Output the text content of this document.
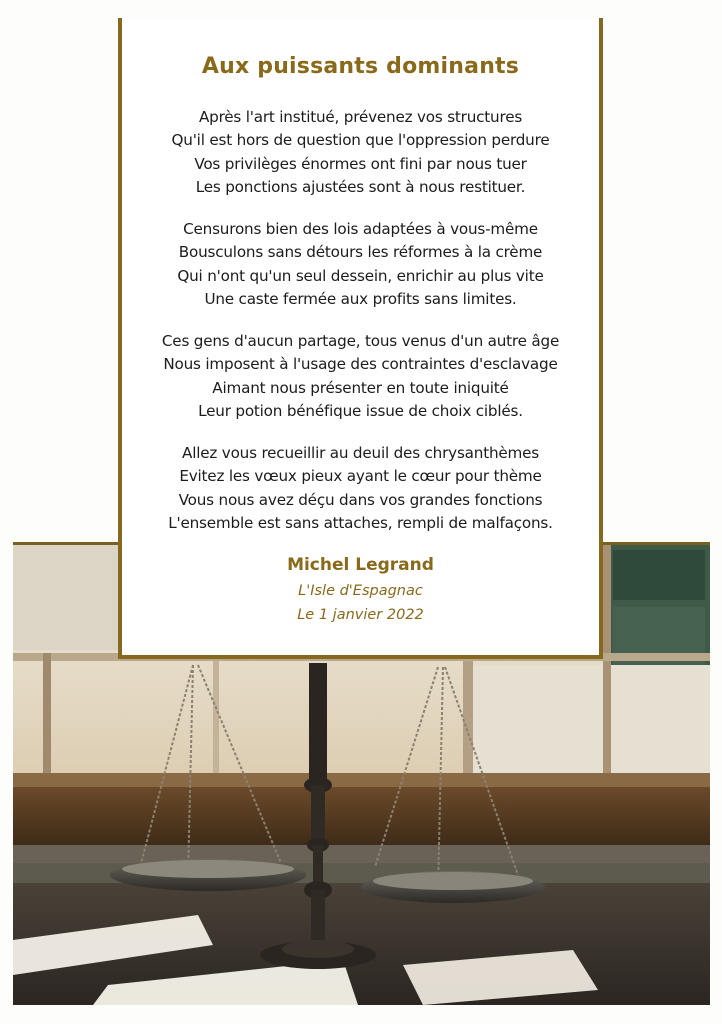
Aux puissants dominants
Après l'art institué, prévenez vos structures
Qu'il est hors de question que l'oppression perdure
Vos privilèges énormes ont fini par nous tuer
Les ponctions ajustées sont à nous restituer.
Censurons bien des lois adaptées à vous-même
Bousculons sans détours les réformes à la crème
Qui n'ont qu'un seul dessein, enrichir au plus vite
Une caste fermée aux profits sans limites.
Ces gens d'aucun partage, tous venus d'un autre âge
Nous imposent à l'usage des contraintes d'esclavage
Aimant nous présenter en toute iniquité
Leur potion bénéfique issue de choix ciblés.
Allez vous recueillir au deuil des chrysanthèmes
Evitez les vœux pieux ayant le cœur pour thème
Vous nous avez déçu dans vos grandes fonctions
L'ensemble est sans attaches, rempli de malfaçons.
Michel Legrand
L'Isle d'Espagnac
Le 1 janvier 2022
